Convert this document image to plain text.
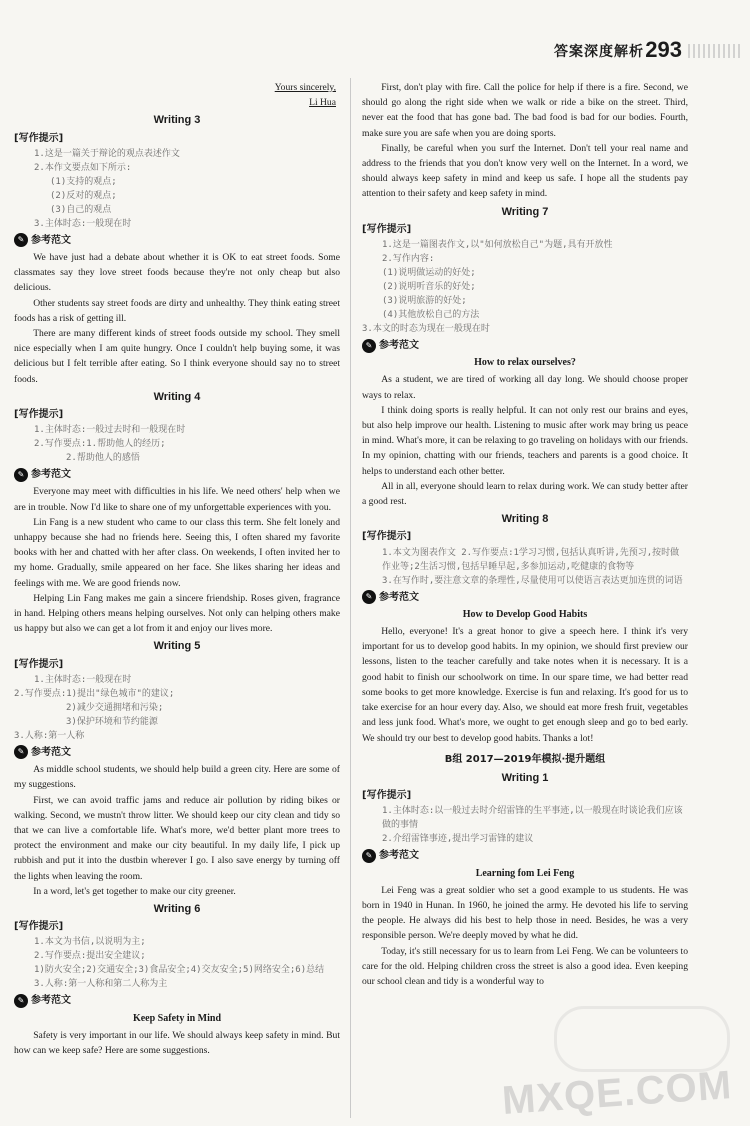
答案深度解析 293

Yours sincerely,

Li Hua

Writing 3
[写作提示]
1.这是一篇关于辩论的观点表述作文
2.本作文要点如下所示:
(1)支持的观点;
(2)反对的观点;
(3)自己的观点
3.主体时态:一般现在时
✎ 参考范文

We have just had a debate about whether it is OK to eat street foods. Some classmates say they love street foods because they're not only cheap but also delicious.

Other students say street foods are dirty and unhealthy. They think eating street foods has a risk of getting ill.

There are many different kinds of street foods outside my school. They smell nice especially when I am quite hungry. Once I couldn't help buying some, it was delicious but I felt terrible after eating. So I think everyone should say no to street foods.

Writing 4
[写作提示]
1.主体时态:一般过去时和一般现在时
2.写作要点:1.帮助他人的经历;
2.帮助他人的感悟
✎ 参考范文

Everyone may meet with difficulties in his life. We need others' help when we are in trouble. Now I'd like to share one of my unforgettable experiences with you.

Lin Fang is a new student who came to our class this term. She felt lonely and unhappy because she had no friends here. Seeing this, I often shared my favorite books with her and chatted with her after class. On weekends, I often invited her to my home. Gradually, smile appeared on her face. She likes sharing her ideas and feelings with me. We are good friends now.

Helping Lin Fang makes me gain a sincere friendship. Roses given, fragrance in hand. Helping others means helping ourselves. Not only can helping others make us happy but also we can get a lot from it and enjoy our lives more.

Writing 5
[写作提示]
1.主体时态:一般现在时
2.写作要点:1)提出"绿色城市"的建议;
2)减少交通拥堵和污染;
3)保护环境和节约能源
3.人称:第一人称
✎ 参考范文

As middle school students, we should help build a green city. Here are some of my suggestions.

First, we can avoid traffic jams and reduce air pollution by riding bikes or walking. Second, we mustn't throw litter. We should keep our city clean and tidy so that we can live a comfortable life. What's more, we'd better plant more trees to protect the environment and make our city beautiful. In my daily life, I pick up rubbish and put it into the dustbin wherever I go. I also save energy by turning off the lights when leaving the room.

In a word, let's get together to make our city greener.

Writing 6
[写作提示]
1.本文为书信,以说明为主;
2.写作要点:提出安全建议;
1)防火安全;2)交通安全;3)食品安全;4)交友安全;5)网络安全;6)总结
3.人称:第一人称和第二人称为主
✎ 参考范文
Keep Safety in Mind

Safety is very important in our life. We should always keep safety in mind. But how can we keep safe? Here are some suggestions.

First, don't play with fire. Call the police for help if there is a fire. Second, we should go along the right side when we walk or ride a bike on the street. Third, never eat the food that has gone bad. The bad food is bad for our bodies. Fourth, make sure you are safe when you are doing sports.

Finally, be careful when you surf the Internet. Don't tell your real name and address to the friends that you don't know very well on the Internet. In a word, we should always keep safety in mind and keep us safe. I hope all the students pay attention to their safety and keep safety in mind.

Writing 7
[写作提示]
1.这是一篇图表作文,以"如何放松自己"为题,具有开放性
2.写作内容:
(1)说明做运动的好处;
(2)说明听音乐的好处;
(3)说明旅游的好处;
(4)其他放松自己的方法
3.本文的时态为现在一般现在时
✎ 参考范文
How to relax ourselves?

As a student, we are tired of working all day long. We should choose proper ways to relax.

I think doing sports is really helpful. It can not only rest our brains and eyes, but also help improve our health. Listening to music after work may bring us peace in mind. What's more, it can be relaxing to go traveling on holidays with our friends. In my opinion, chatting with our friends, teachers and parents is a good choice. It helps to understand each other better.

All in all, everyone should learn to relax during work. We can study better after a good rest.

Writing 8
[写作提示]
1.本文为图表作文 2.写作要点:1学习习惯,包括认真听讲,先预习,按时做作业等;2生活习惯,包括早睡早起,多参加运动,吃健康的食物等
3.在写作时,要注意文章的条理性,尽量使用可以使语言表达更加连贯的词语
✎ 参考范文
How to Develop Good Habits

Hello, everyone! It's a great honor to give a speech here. I think it's very important for us to develop good habits. In my opinion, we should first preview our lessons, listen to the teacher carefully and take notes when it is necessary. It is a good habit to finish our schoolwork on time. In our spare time, we had better read some books to get more knowledge. Exercise is fun and relaxing. It's good for us to take exercise for an hour every day. Also, we should eat more fresh fruit, vegetables and less junk food. What's more, we ought to get enough sleep and go to bed early. We should try our best to develop good habits. Thanks a lot!

B组 2017—2019年模拟·提升题组
Writing 1
[写作提示]
1.主体时态:以一般过去时介绍雷锋的生平事迹,以一般现在时谈论我们应该做的事情
2.介绍雷锋事迹,提出学习雷锋的建议
✎ 参考范文
Learning fom Lei Feng

Lei Feng was a great soldier who set a good example to us students. He was born in 1940 in Hunan. In 1960, he joined the army. He devoted his life to serving the people. He always did his best to help those in need. Besides, he was a very responsible person. We're deeply moved by what he did.

Today, it's still necessary for us to learn from Lei Feng. We can be volunteers to care for the old. Helping children cross the street is also a good idea. Even keeping our school clean and tidy is a wonderful way to

MXQE.COM
